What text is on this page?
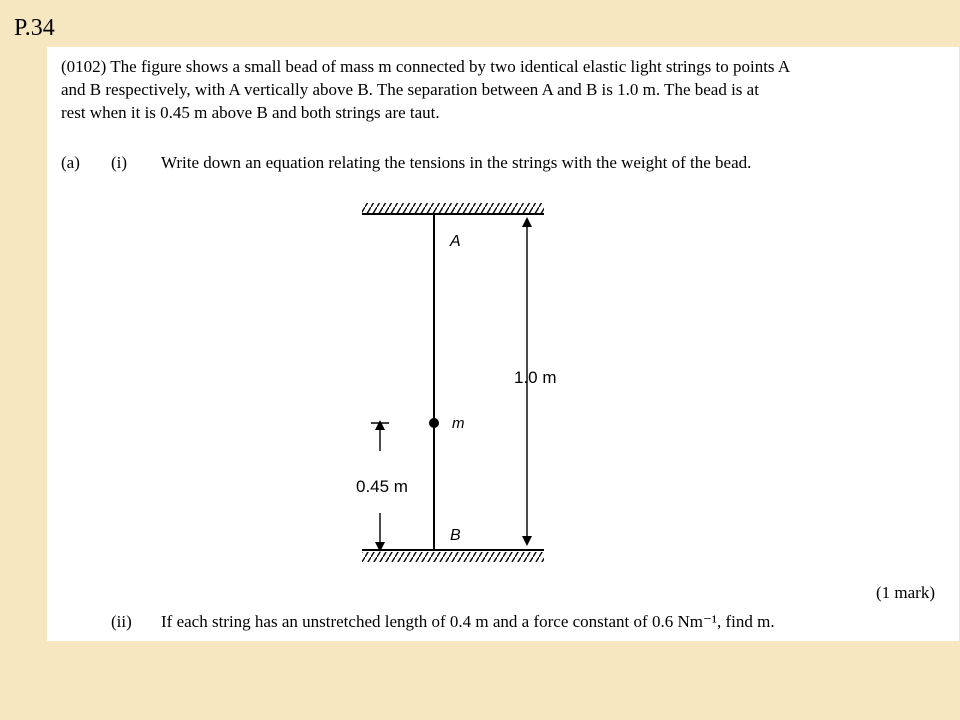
P.34
(0102) The figure shows a small bead of mass m connected by two identical elastic light strings to points A
and B respectively, with A vertically above B. The separation between A and B is 1.0 m. The bead is at
rest when it is 0.45 m above B and both strings are taut.
(a) (i) Write down an equation relating the tensions in the strings with the weight of the bead.
A
m
B
1.0 m
0.45 m
(1 mark)
(ii) If each string has an unstretched length of 0.4 m and a force constant of 0.6 Nm⁻¹, find m.
